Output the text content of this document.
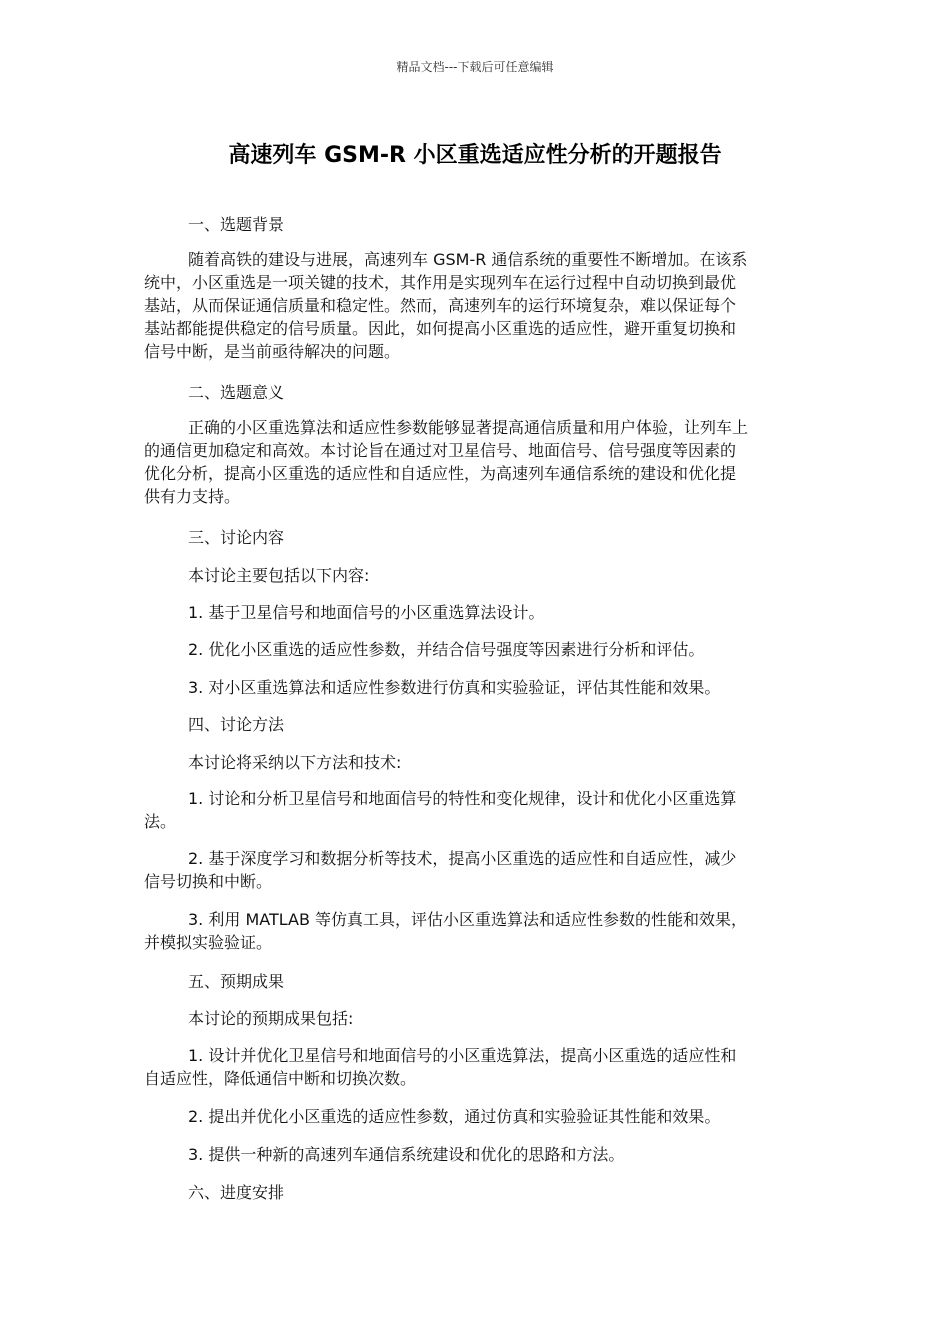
精品文档---下载后可任意编辑
高速列车 GSM-R 小区重选适应性分析的开题报告
一、选题背景
随着高铁的建设与进展，高速列车 GSM-R 通信系统的重要性不断增加。在该系
统中，小区重选是一项关键的技术，其作用是实现列车在运行过程中自动切换到最优
基站，从而保证通信质量和稳定性。然而，高速列车的运行环境复杂，难以保证每个
基站都能提供稳定的信号质量。因此，如何提高小区重选的适应性，避开重复切换和
信号中断，是当前亟待解决的问题。
二、选题意义
正确的小区重选算法和适应性参数能够显著提高通信质量和用户体验，让列车上
的通信更加稳定和高效。本讨论旨在通过对卫星信号、地面信号、信号强度等因素的
优化分析，提高小区重选的适应性和自适应性，为高速列车通信系统的建设和优化提
供有力支持。
三、讨论内容
本讨论主要包括以下内容:
1. 基于卫星信号和地面信号的小区重选算法设计。
2. 优化小区重选的适应性参数，并结合信号强度等因素进行分析和评估。
3. 对小区重选算法和适应性参数进行仿真和实验验证，评估其性能和效果。
四、讨论方法
本讨论将采纳以下方法和技术:
1. 讨论和分析卫星信号和地面信号的特性和变化规律，设计和优化小区重选算
法。
2. 基于深度学习和数据分析等技术，提高小区重选的适应性和自适应性，减少
信号切换和中断。
3. 利用 MATLAB 等仿真工具，评估小区重选算法和适应性参数的性能和效果，
并模拟实验验证。
五、预期成果
本讨论的预期成果包括:
1. 设计并优化卫星信号和地面信号的小区重选算法，提高小区重选的适应性和
自适应性，降低通信中断和切换次数。
2. 提出并优化小区重选的适应性参数，通过仿真和实验验证其性能和效果。
3. 提供一种新的高速列车通信系统建设和优化的思路和方法。
六、进度安排
